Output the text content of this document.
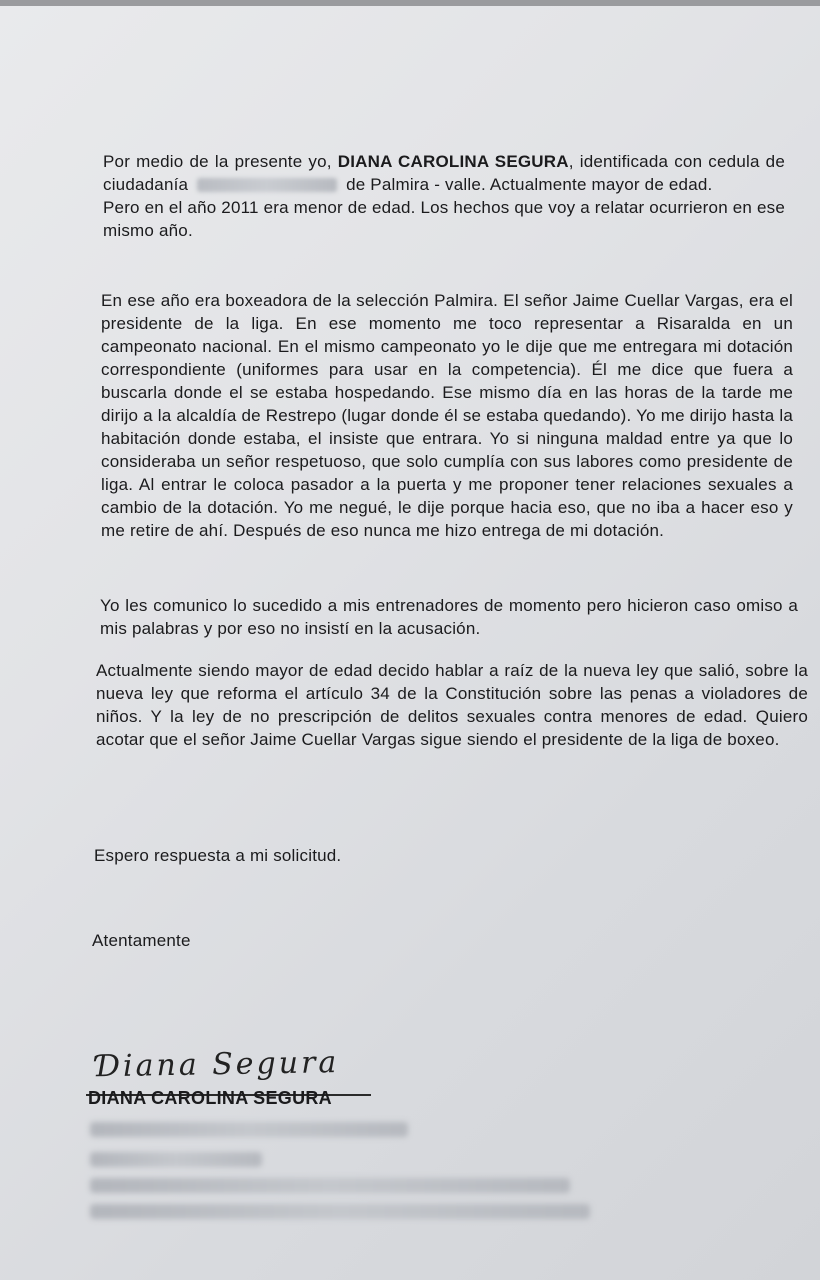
Por medio de la presente yo, DIANA CAROLINA SEGURA, identificada con cedula de ciudadanía	de Palmira - valle. Actualmente mayor de edad.
Pero en el año 2011 era menor de edad. Los hechos que voy a relatar ocurrieron en ese mismo año.

En ese año era boxeadora de la selección Palmira. El señor Jaime Cuellar Vargas, era el presidente de la liga. En ese momento me toco representar a Risaralda en un campeonato nacional. En el mismo campeonato yo le dije que me entregara mi dotación correspondiente (uniformes para usar en la competencia). Él me dice que fuera a buscarla donde el se estaba hospedando. Ese mismo día en las horas de la tarde me dirijo a la alcaldía de Restrepo (lugar donde él se estaba quedando). Yo me dirijo hasta la habitación donde estaba, el insiste que entrara. Yo si ninguna maldad entre ya que lo consideraba un señor respetuoso, que solo cumplía con sus labores como presidente de liga. Al entrar le coloca pasador a la puerta y me proponer tener relaciones sexuales a cambio de la dotación. Yo me negué, le dije porque hacia eso, que no iba a hacer eso y me retire de ahí. Después de eso nunca me hizo entrega de mi dotación.

Yo les comunico lo sucedido a mis entrenadores de momento pero hicieron caso omiso a mis palabras y por eso no insistí en la acusación.

Actualmente siendo mayor de edad decido hablar a raíz de la nueva ley que salió, sobre la nueva ley que reforma el artículo 34 de la Constitución sobre las penas a violadores de niños. Y la ley de no prescripción de delitos sexuales contra menores de edad. Quiero acotar que el señor Jaime Cuellar Vargas sigue siendo el presidente de la liga de boxeo.

Espero respuesta a mi solicitud.

Atentamente

Ɗiana Segura

DIANA CAROLINA SEGURA
